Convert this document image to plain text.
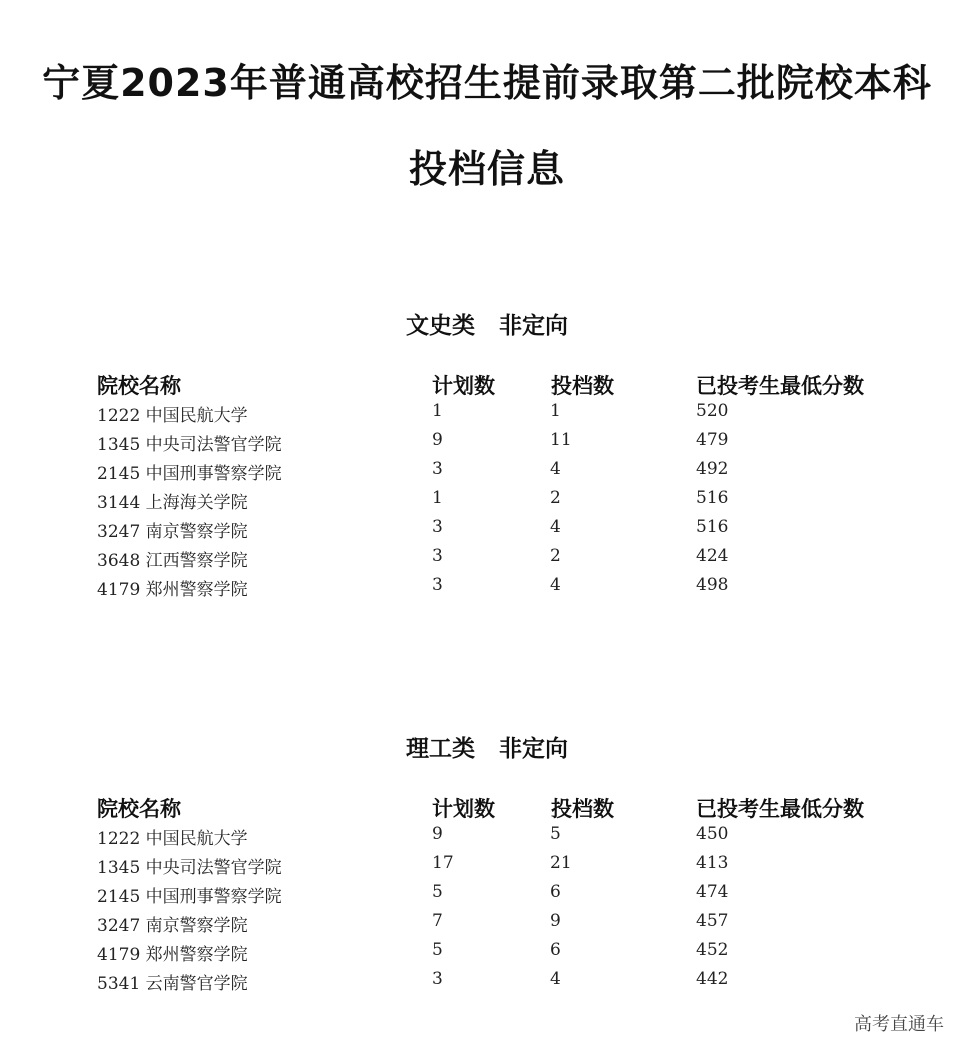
宁夏2023年普通高校招生提前录取第二批院校本科
投档信息
文史类   非定向
院校名称	计划数	投档数	已投考生最低分数
1222 中国民航大学	1	1	520
1345 中央司法警官学院	9	11	479
2145 中国刑事警察学院	3	4	492
3144 上海海关学院	1	2	516
3247 南京警察学院	3	4	516
3648 江西警察学院	3	2	424
4179 郑州警察学院	3	4	498
理工类   非定向
院校名称	计划数	投档数	已投考生最低分数
1222 中国民航大学	9	5	450
1345 中央司法警官学院	17	21	413
2145 中国刑事警察学院	5	6	474
3247 南京警察学院	7	9	457
4179 郑州警察学院	5	6	452
5341 云南警官学院	3	4	442
高考直通车
